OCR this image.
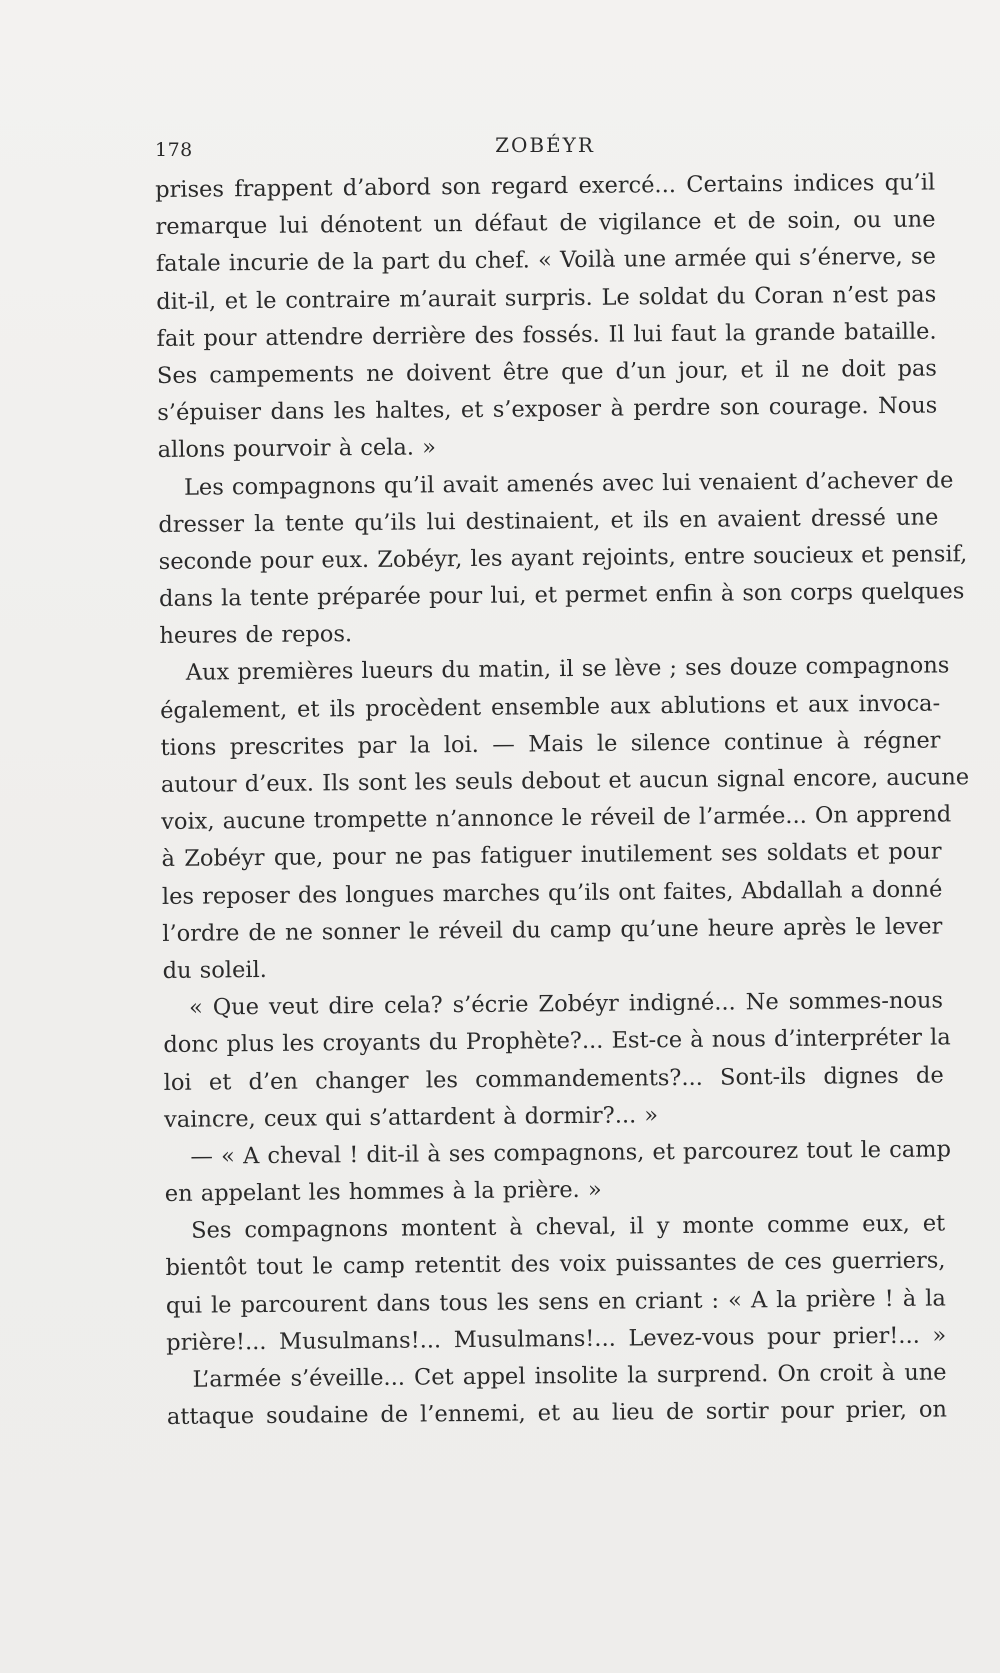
178	ZOBÉYR
prises frappent d’abord son regard exercé... Certains indices qu’il
remarque lui dénotent un défaut de vigilance et de soin, ou une
fatale incurie de la part du chef. « Voilà une armée qui s’énerve, se
dit-il, et le contraire m’aurait surpris. Le soldat du Coran n’est pas
fait pour attendre derrière des fossés. Il lui faut la grande bataille.
Ses campements ne doivent être que d’un jour, et il ne doit pas
s’épuiser dans les haltes, et s’exposer à perdre son courage. Nous
allons pourvoir à cela. »
Les compagnons qu’il avait amenés avec lui venaient d’achever de
dresser la tente qu’ils lui destinaient, et ils en avaient dressé une
seconde pour eux. Zobéyr, les ayant rejoints, entre soucieux et pensif,
dans la tente préparée pour lui, et permet enfin à son corps quelques
heures de repos.
Aux premières lueurs du matin, il se lève ; ses douze compagnons
également, et ils procèdent ensemble aux ablutions et aux invoca-
tions prescrites par la loi. — Mais le silence continue à régner
autour d’eux. Ils sont les seuls debout et aucun signal encore, aucune
voix, aucune trompette n’annonce le réveil de l’armée... On apprend
à Zobéyr que, pour ne pas fatiguer inutilement ses soldats et pour
les reposer des longues marches qu’ils ont faites, Abdallah a donné
l’ordre de ne sonner le réveil du camp qu’une heure après le lever
du soleil.
« Que veut dire cela? s’écrie Zobéyr indigné... Ne sommes-nous
donc plus les croyants du Prophète?... Est-ce à nous d’interpréter la
loi et d’en changer les commandements?... Sont-ils dignes de
vaincre, ceux qui s’attardent à dormir?... »
— « A cheval ! dit-il à ses compagnons, et parcourez tout le camp
en appelant les hommes à la prière. »
Ses compagnons montent à cheval, il y monte comme eux, et
bientôt tout le camp retentit des voix puissantes de ces guerriers,
qui le parcourent dans tous les sens en criant : « A la prière ! à la
prière!... Musulmans!... Musulmans!... Levez-vous pour prier!... »
L’armée s’éveille... Cet appel insolite la surprend. On croit à une
attaque soudaine de l’ennemi, et au lieu de sortir pour prier, on
